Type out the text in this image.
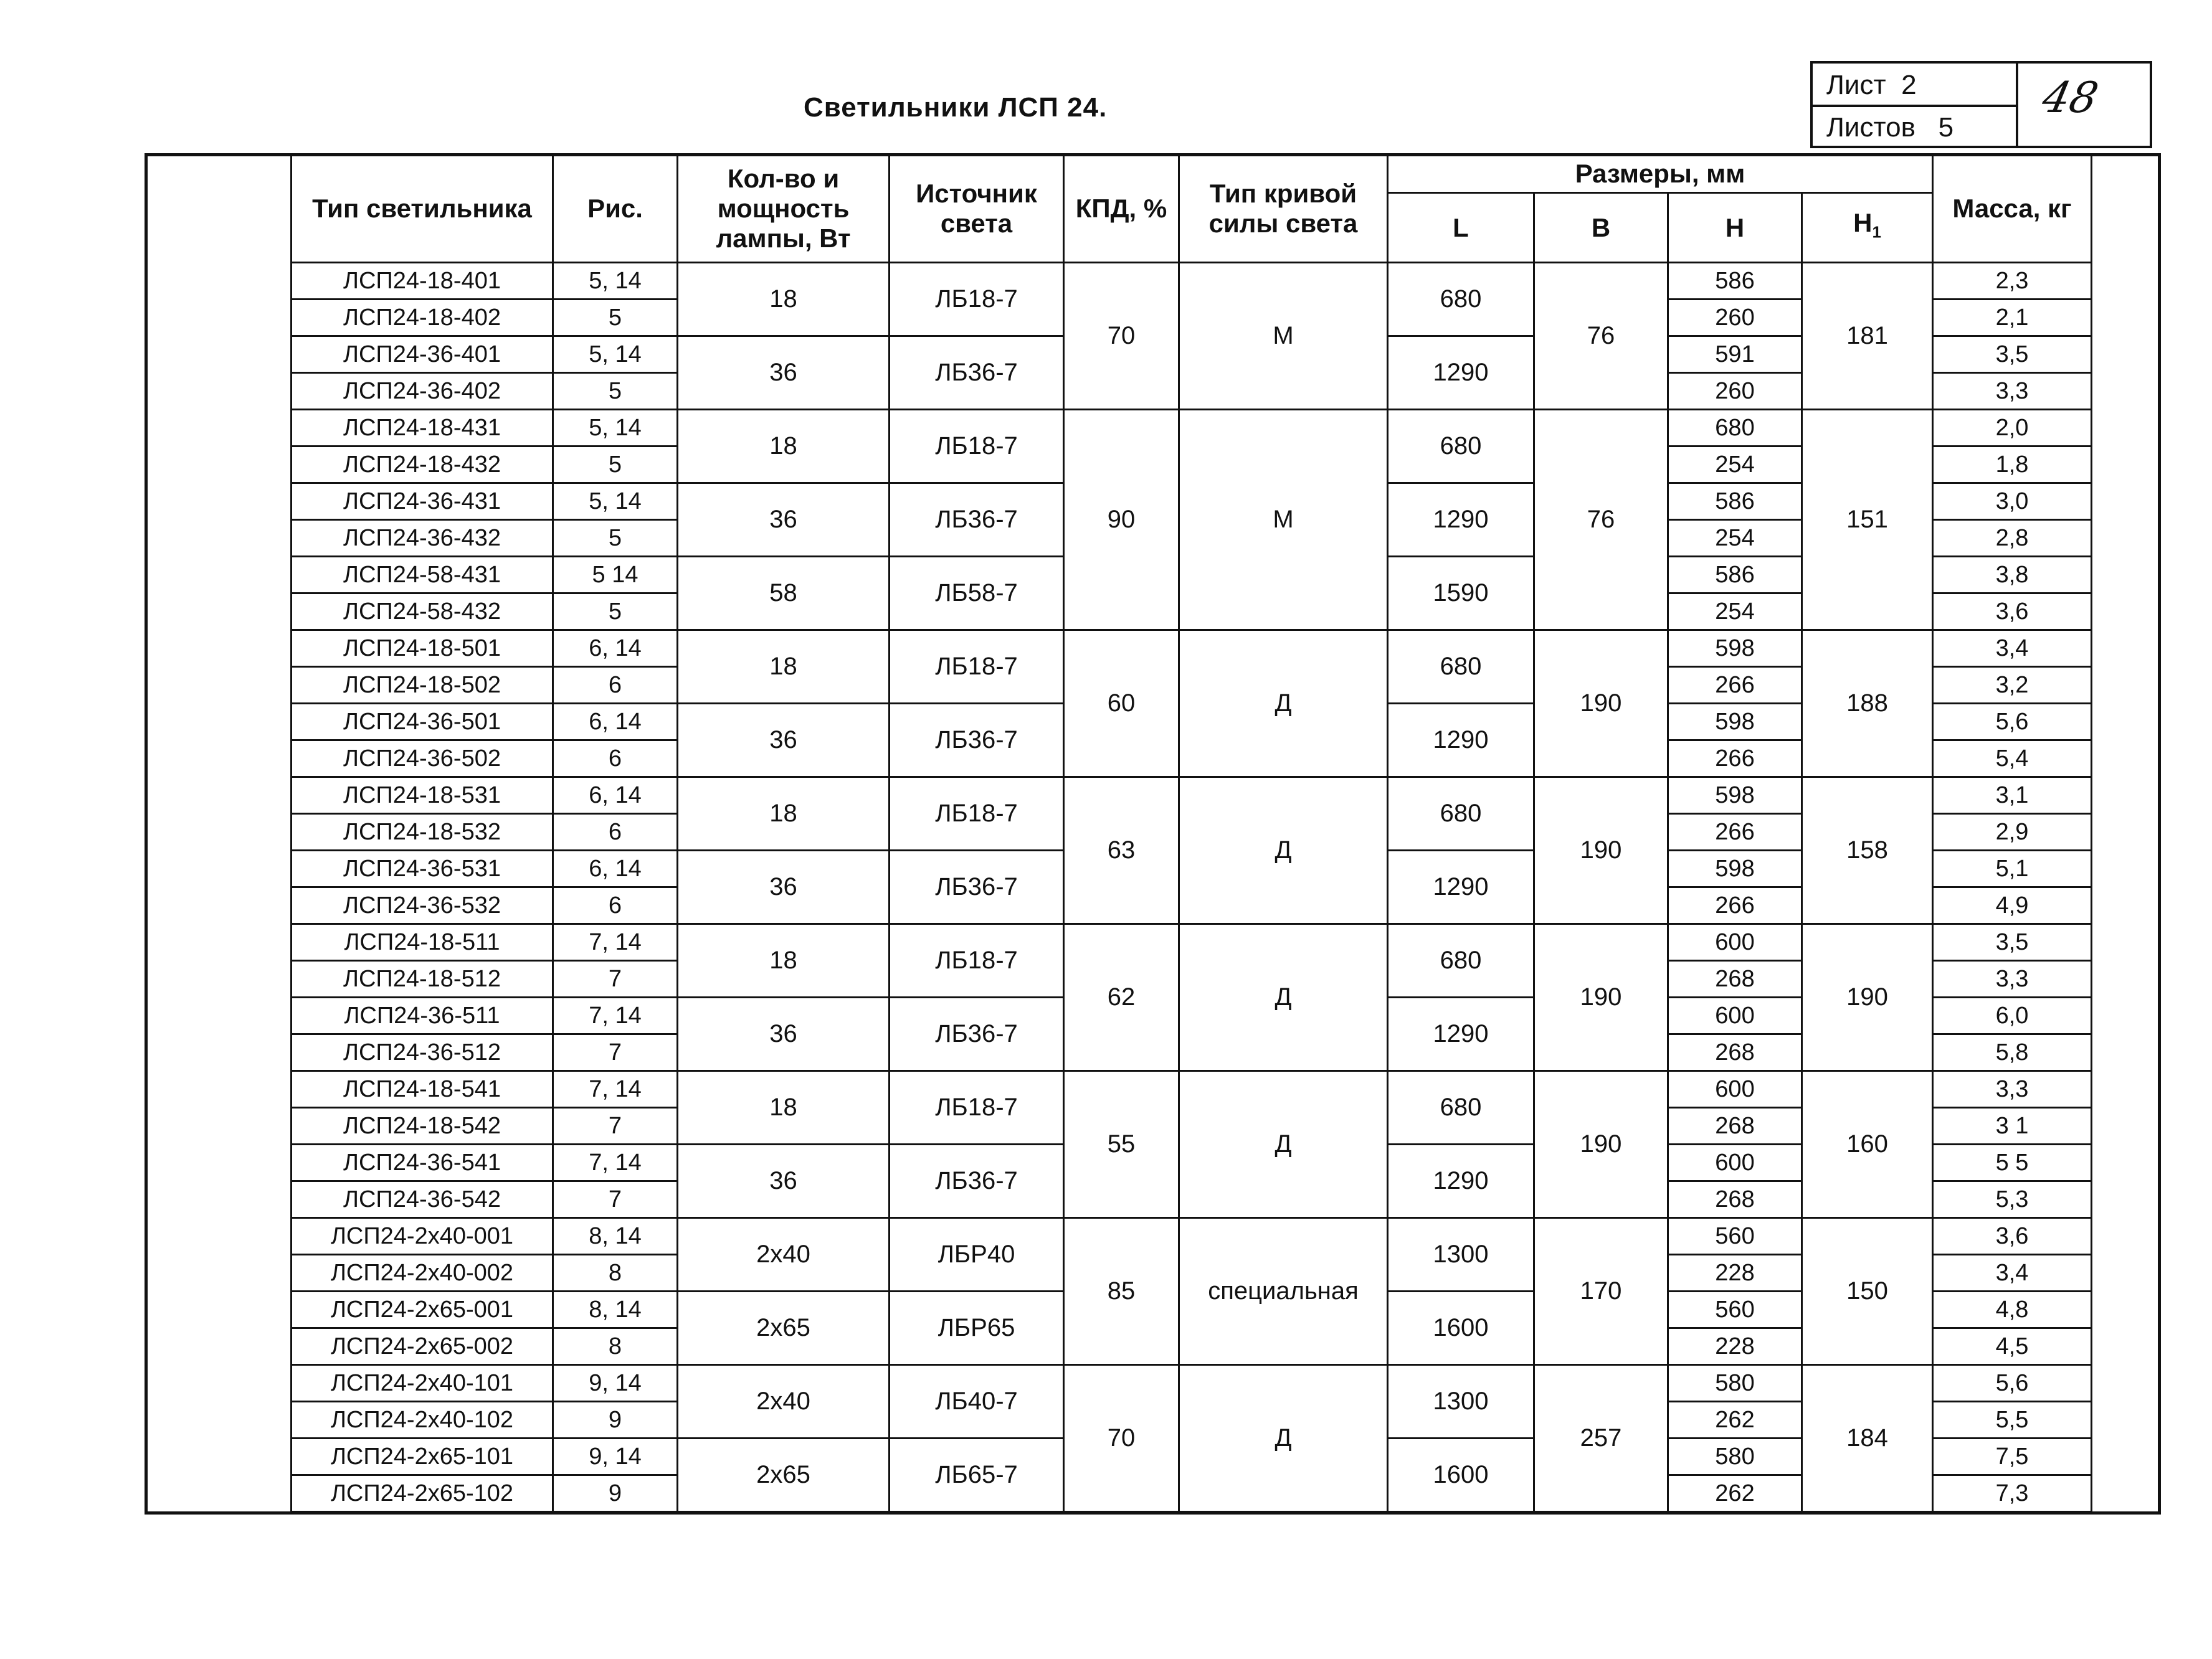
Светильники ЛСП 24.
Лист 2
Листов 5
48
Тип светильника	Рис.	Кол-во и мощность лампы, Вт	Источник света	КПД, %	Тип кривой силы света	Размеры, мм				Масса, кг
						L	B	H	$H_1$
ЛСП24-18-401	5, 14	18	ЛБ18-7	70	М	680	76	586	181	2,3
ЛСП24-18-402	5							260		2,1
ЛСП24-36-401	5, 14	36	ЛБ36-7			1290		591		3,5
ЛСП24-36-402	5							260		3,3
ЛСП24-18-431	5, 14	18	ЛБ18-7	90	М	680	76	680	151	2,0
ЛСП24-18-432	5							254		1,8
ЛСП24-36-431	5, 14	36	ЛБ36-7			1290		586		3,0
ЛСП24-36-432	5							254		2,8
ЛСП24-58-431	5 14	58	ЛБ58-7			1590		586		3,8
ЛСП24-58-432	5							254		3,6
ЛСП24-18-501	6, 14	18	ЛБ18-7	60	Д	680	190	598	188	3,4
ЛСП24-18-502	6							266		3,2
ЛСП24-36-501	6, 14	36	ЛБ36-7			1290		598		5,6
ЛСП24-36-502	6							266		5,4
ЛСП24-18-531	6, 14	18	ЛБ18-7	63	Д	680	190	598	158	3,1
ЛСП24-18-532	6							266		2,9
ЛСП24-36-531	6, 14	36	ЛБ36-7			1290		598		5,1
ЛСП24-36-532	6							266		4,9
ЛСП24-18-511	7, 14	18	ЛБ18-7	62	Д	680	190	600	190	3,5
ЛСП24-18-512	7							268		3,3
ЛСП24-36-511	7, 14	36	ЛБ36-7			1290		600		6,0
ЛСП24-36-512	7							268		5,8
ЛСП24-18-541	7, 14	18	ЛБ18-7	55	Д	680	190	600	160	3,3
ЛСП24-18-542	7							268		3 1
ЛСП24-36-541	7, 14	36	ЛБ36-7			1290		600		5 5
ЛСП24-36-542	7							268		5,3
ЛСП24-2х40-001	8, 14	2х40	ЛБР40	85	специальная	1300	170	560	150	3,6
ЛСП24-2х40-002	8							228		3,4
ЛСП24-2х65-001	8, 14	2х65	ЛБР65			1600		560		4,8
ЛСП24-2х65-002	8							228		4,5
ЛСП24-2х40-101	9, 14	2х40	ЛБ40-7	70	Д	1300	257	580	184	5,6
ЛСП24-2х40-102	9							262		5,5
ЛСП24-2х65-101	9, 14	2х65	ЛБ65-7			1600		580		7,5
ЛСП24-2х65-102	9							262		7,3
